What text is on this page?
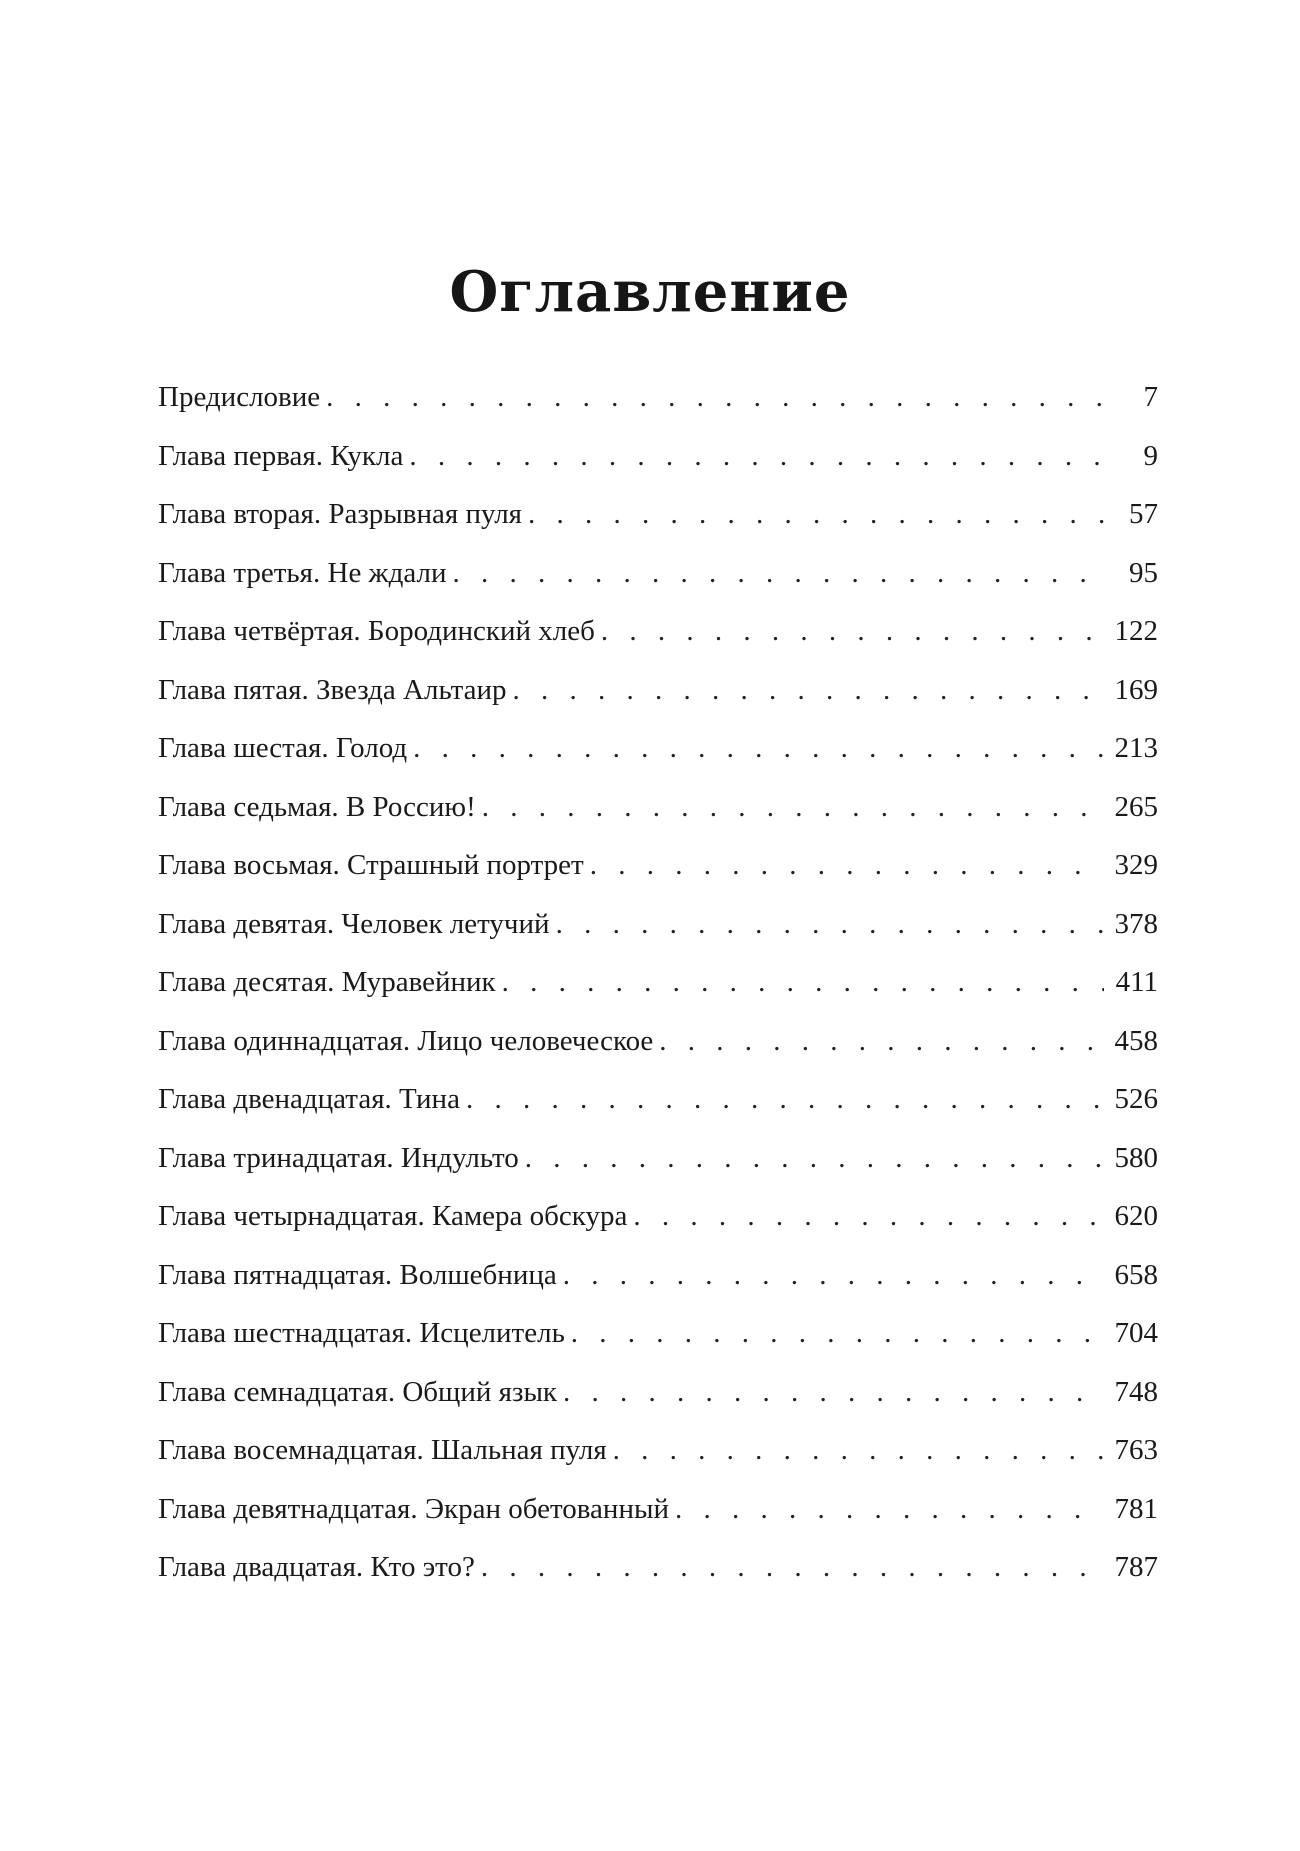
Оглавление
Предисловие . . .	7
Глава первая. Кукла . . .	9
Глава вторая. Разрывная пуля . . .	57
Глава третья. Не ждали . . .	95
Глава четвёртая. Бородинский хлеб . . .	122
Глава пятая. Звезда Альтаир . . .	169
Глава шестая. Голод . . .	213
Глава седьмая. В Россию! . . .	265
Глава восьмая. Страшный портрет . . .	329
Глава девятая. Человек летучий . . .	378
Глава десятая. Муравейник . . .	411
Глава одиннадцатая. Лицо человеческое . . .	458
Глава двенадцатая. Тина . . .	526
Глава тринадцатая. Индульто . . .	580
Глава четырнадцатая. Камера обскура . . .	620
Глава пятнадцатая. Волшебница . . .	658
Глава шестнадцатая. Исцелитель . . .	704
Глава семнадцатая. Общий язык . . .	748
Глава восемнадцатая. Шальная пуля . . .	763
Глава девятнадцатая. Экран обетованный . . .	781
Глава двадцатая. Кто это? . . .	787
